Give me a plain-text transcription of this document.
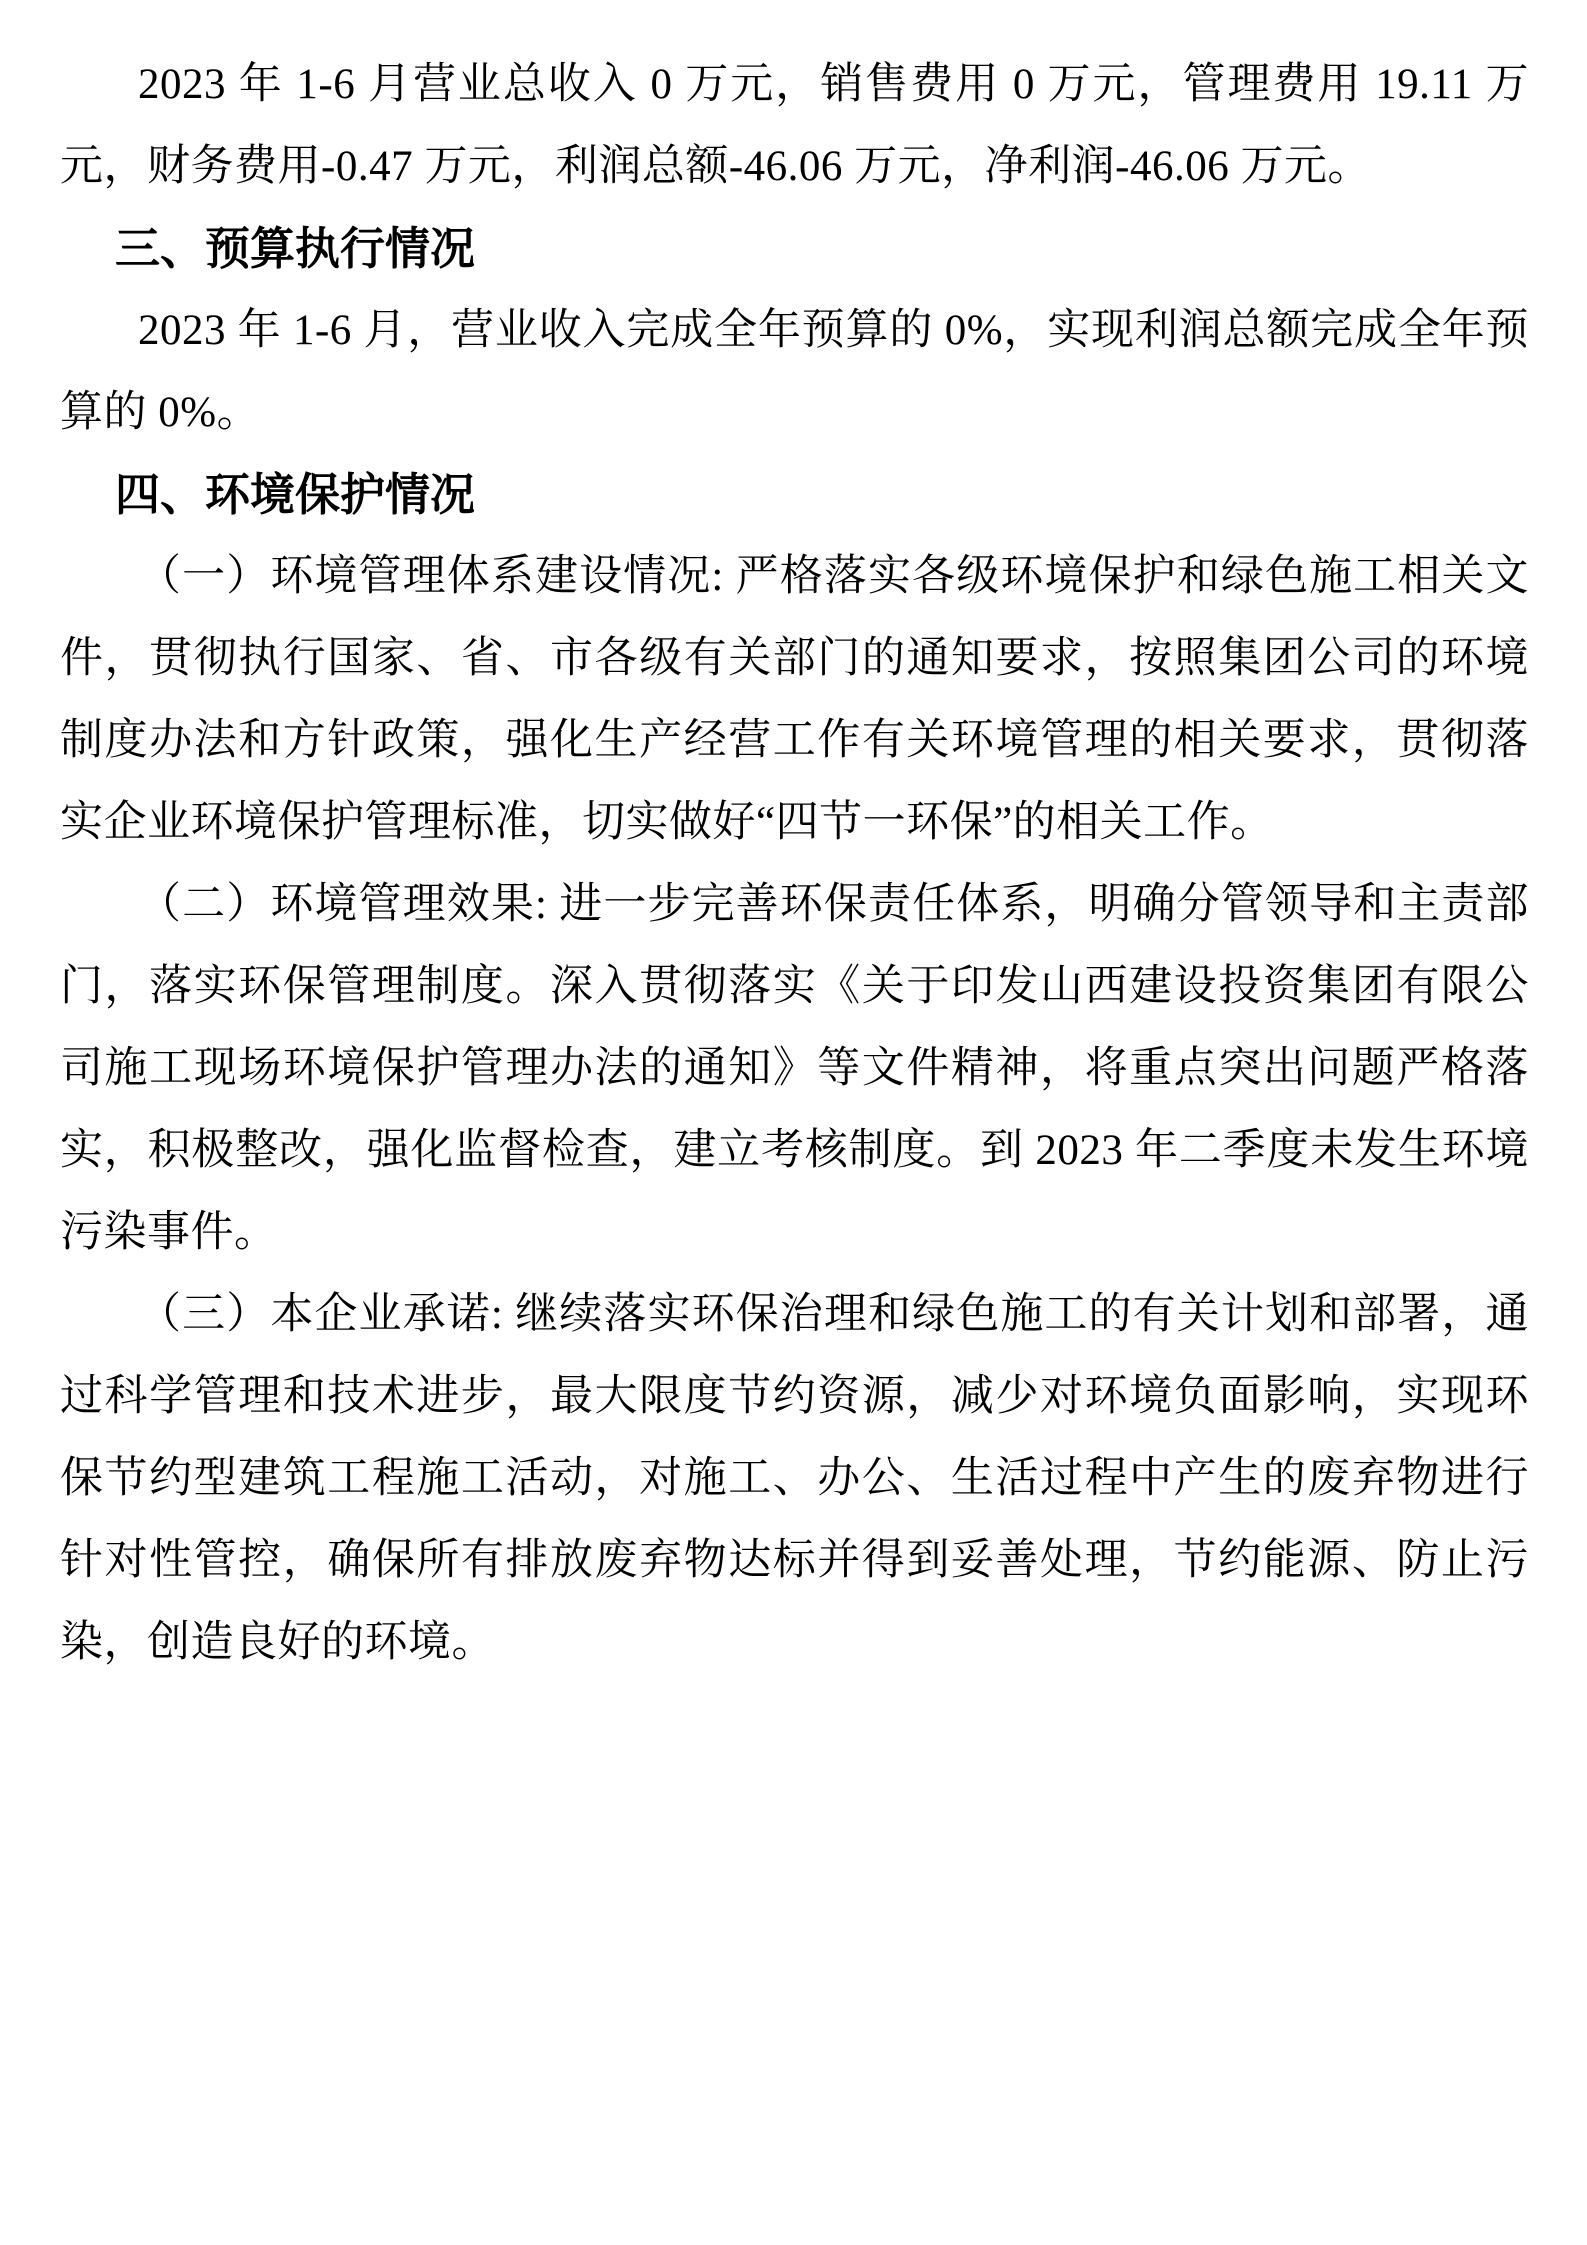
2023 年 1-6 月营业总收入 0 万元，销售费用 0 万元，管理费用 19.11 万元，财务费用-0.47 万元，利润总额-46.06 万元，净利润-46.06 万元。

三、预算执行情况

2023 年 1-6 月，营业收入完成全年预算的 0%，实现利润总额完成全年预算的 0%。

四、环境保护情况

（一）环境管理体系建设情况: 严格落实各级环境保护和绿色施工相关文件，贯彻执行国家、省、市各级有关部门的通知要求，按照集团公司的环境制度办法和方针政策，强化生产经营工作有关环境管理的相关要求，贯彻落实企业环境保护管理标准，切实做好“四节一环保”的相关工作。

（二）环境管理效果: 进一步完善环保责任体系，明确分管领导和主责部门，落实环保管理制度。深入贯彻落实《关于印发山西建设投资集团有限公司施工现场环境保护管理办法的通知》等文件精神，将重点突出问题严格落实，积极整改，强化监督检查，建立考核制度。到 2023 年二季度未发生环境污染事件。

（三）本企业承诺: 继续落实环保治理和绿色施工的有关计划和部署，通过科学管理和技术进步，最大限度节约资源，减少对环境负面影响，实现环保节约型建筑工程施工活动，对施工、办公、生活过程中产生的废弃物进行针对性管控，确保所有排放废弃物达标并得到妥善处理，节约能源、防止污染，创造良好的环境。
